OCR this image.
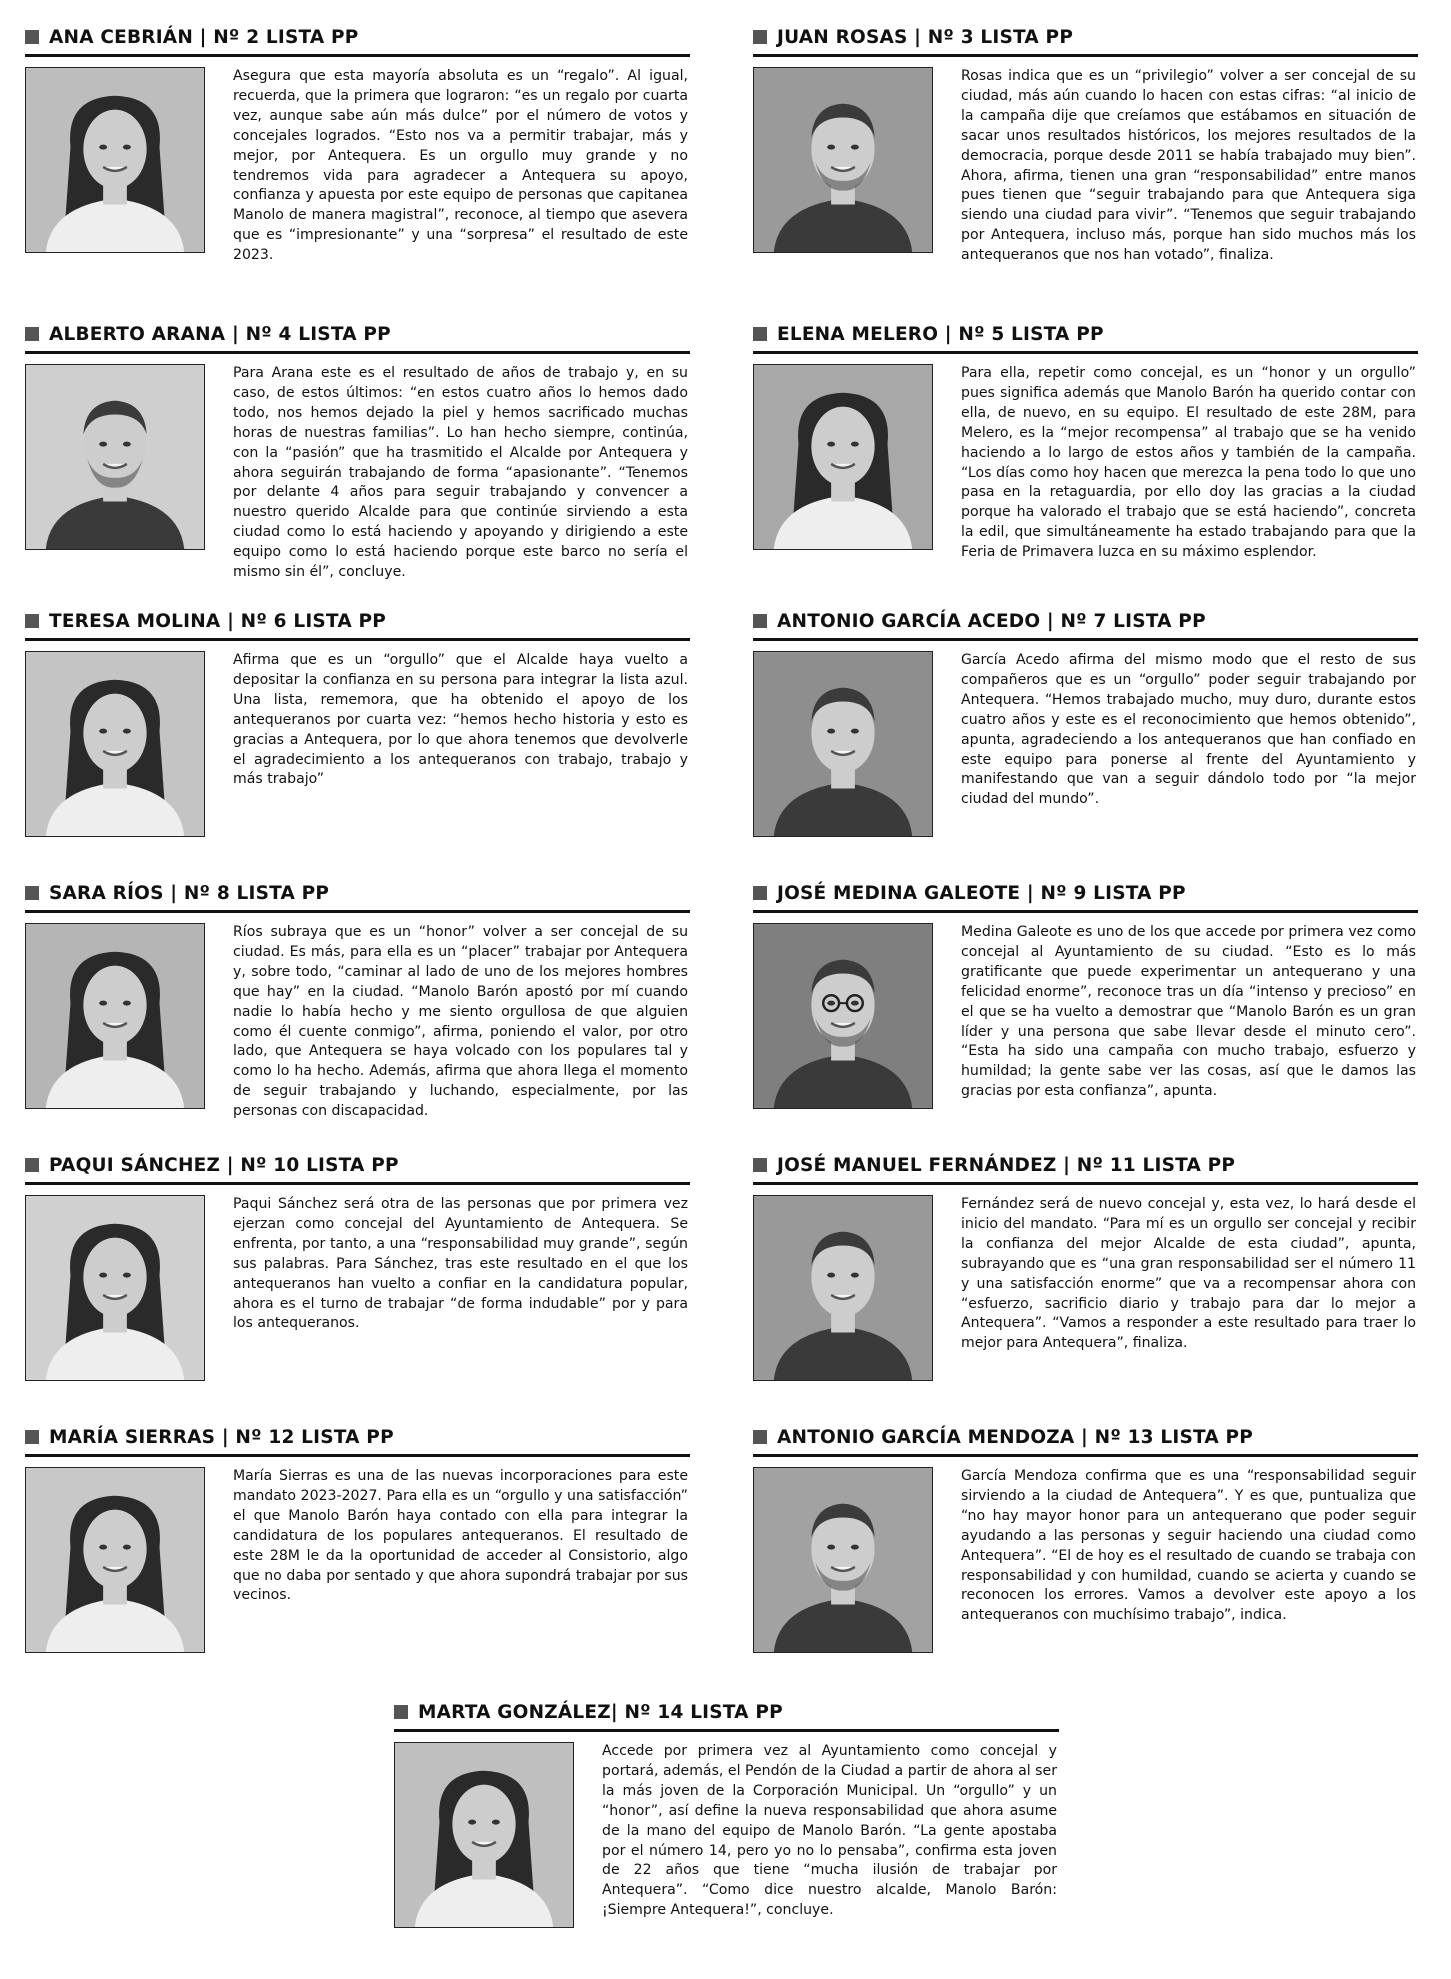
ANA CEBRIÁN | Nº 2 LISTA PP
Asegura que esta mayoría absoluta es un “regalo”. Al igual, recuerda, que la primera que lograron: “es un regalo por cuarta vez, aunque sabe aún más dulce” por el número de votos y concejales logrados. “Esto nos va a permitir trabajar, más y mejor, por Antequera. Es un orgullo muy grande y no tendremos vida para agradecer a Antequera su apoyo, confianza y apuesta por este equipo de personas que capitanea Manolo de manera magistral”, reconoce, al tiempo que asevera que es “impresionante” y una “sorpresa” el resultado de este 2023.
JUAN ROSAS | Nº 3 LISTA PP
Rosas indica que es un “privilegio” volver a ser concejal de su ciudad, más aún cuando lo hacen con estas cifras: “al inicio de la campaña dije que creíamos que estábamos en situación de sacar unos resultados históricos, los mejores resultados de la democracia, porque desde 2011 se había trabajado muy bien”. Ahora, afirma, tienen una gran “responsabilidad” entre manos pues tienen que “seguir trabajando para que Antequera siga siendo una ciudad para vivir”. “Tenemos que seguir trabajando por Antequera, incluso más, porque han sido muchos más los antequeranos que nos han votado”, finaliza.
ALBERTO ARANA | Nº 4 LISTA PP
Para Arana este es el resultado de años de trabajo y, en su caso, de estos últimos: “en estos cuatro años lo hemos dado todo, nos hemos dejado la piel y hemos sacrificado muchas horas de nuestras familias”. Lo han hecho siempre, continúa, con la “pasión” que ha trasmitido el Alcalde por Antequera y ahora seguirán trabajando de forma “apasionante”. “Tenemos por delante 4 años para seguir trabajando y convencer a nuestro querido Alcalde para que continúe sirviendo a esta ciudad como lo está haciendo y apoyando y dirigiendo a este equipo como lo está haciendo porque este barco no sería el mismo sin él”, concluye.
ELENA MELERO | Nº 5 LISTA PP
Para ella, repetir como concejal, es un “honor y un orgullo” pues significa además que Manolo Barón ha querido contar con ella, de nuevo, en su equipo. El resultado de este 28M, para Melero, es la “mejor recompensa” al trabajo que se ha venido haciendo a lo largo de estos años y también de la campaña. “Los días como hoy hacen que merezca la pena todo lo que uno pasa en la retaguardia, por ello doy las gracias a la ciudad porque ha valorado el trabajo que se está haciendo”, concreta la edil, que simultáneamente ha estado trabajando para que la Feria de Primavera luzca en su máximo esplendor.
TERESA MOLINA | Nº 6 LISTA PP
Afirma que es un “orgullo” que el Alcalde haya vuelto a depositar la confianza en su persona para integrar la lista azul. Una lista, rememora, que ha obtenido el apoyo de los antequeranos por cuarta vez: “hemos hecho historia y esto es gracias a Antequera, por lo que ahora tenemos que devolverle el agradecimiento a los antequeranos con trabajo, trabajo y más trabajo”
ANTONIO GARCÍA ACEDO | Nº 7 LISTA PP
García Acedo afirma del mismo modo que el resto de sus compañeros que es un “orgullo” poder seguir trabajando por Antequera. “Hemos trabajado mucho, muy duro, durante estos cuatro años y este es el reconocimiento que hemos obtenido”, apunta, agradeciendo a los antequeranos que han confiado en este equipo para ponerse al frente del Ayuntamiento y manifestando que van a seguir dándolo todo por “la mejor ciudad del mundo”.
SARA RÍOS | Nº 8 LISTA PP
Ríos subraya que es un “honor” volver a ser concejal de su ciudad. Es más, para ella es un “placer” trabajar por Antequera y, sobre todo, “caminar al lado de uno de los mejores hombres que hay” en la ciudad. “Manolo Barón apostó por mí cuando nadie lo había hecho y me siento orgullosa de que alguien como él cuente conmigo”, afirma, poniendo el valor, por otro lado, que Antequera se haya volcado con los populares tal y como lo ha hecho. Además, afirma que ahora llega el momento de seguir trabajando y luchando, especialmente, por las personas con discapacidad.
JOSÉ MEDINA GALEOTE | Nº 9 LISTA PP
Medina Galeote es uno de los que accede por primera vez como concejal al Ayuntamiento de su ciudad. “Esto es lo más gratificante que puede experimentar un antequerano y una felicidad enorme”, reconoce tras un día “intenso y precioso” en el que se ha vuelto a demostrar que “Manolo Barón es un gran líder y una persona que sabe llevar desde el minuto cero”. “Esta ha sido una campaña con mucho trabajo, esfuerzo y humildad; la gente sabe ver las cosas, así que le damos las gracias por esta confianza”, apunta.
PAQUI SÁNCHEZ | Nº 10 LISTA PP
Paqui Sánchez será otra de las personas que por primera vez ejerzan como concejal del Ayuntamiento de Antequera. Se enfrenta, por tanto, a una “responsabilidad muy grande”, según sus palabras. Para Sánchez, tras este resultado en el que los antequeranos han vuelto a confiar en la candidatura popular, ahora es el turno de trabajar “de forma indudable” por y para los antequeranos.
JOSÉ MANUEL FERNÁNDEZ | Nº 11 LISTA PP
Fernández será de nuevo concejal y, esta vez, lo hará desde el inicio del mandato. “Para mí es un orgullo ser concejal y recibir la confianza del mejor Alcalde de esta ciudad”, apunta, subrayando que es “una gran responsabilidad ser el número 11 y una satisfacción enorme” que va a recompensar ahora con “esfuerzo, sacrificio diario y trabajo para dar lo mejor a Antequera”. “Vamos a responder a este resultado para traer lo mejor para Antequera”, finaliza.
MARÍA SIERRAS | Nº 12 LISTA PP
María Sierras es una de las nuevas incorporaciones para este mandato 2023-2027. Para ella es un “orgullo y una satisfacción” el que Manolo Barón haya contado con ella para integrar la candidatura de los populares antequeranos. El resultado de este 28M le da la oportunidad de acceder al Consistorio, algo que no daba por sentado y que ahora supondrá trabajar por sus vecinos.
ANTONIO GARCÍA MENDOZA | Nº 13 LISTA PP
García Mendoza confirma que es una “responsabilidad seguir sirviendo a la ciudad de Antequera”. Y es que, puntualiza que “no hay mayor honor para un antequerano que poder seguir ayudando a las personas y seguir haciendo una ciudad como Antequera”. “El de hoy es el resultado de cuando se trabaja con responsabilidad y con humildad, cuando se acierta y cuando se reconocen los errores. Vamos a devolver este apoyo a los antequeranos con muchísimo trabajo”, indica.
MARTA GONZÁLEZ| Nº 14 LISTA PP
Accede por primera vez al Ayuntamiento como concejal y portará, además, el Pendón de la Ciudad a partir de ahora al ser la más joven de la Corporación Municipal. Un “orgullo” y un “honor”, así define la nueva responsabilidad que ahora asume de la mano del equipo de Manolo Barón. “La gente apostaba por el número 14, pero yo no lo pensaba”, confirma esta joven de 22 años que tiene “mucha ilusión de trabajar por Antequera”. “Como dice nuestro alcalde, Manolo Barón:¡Siempre Antequera!”, concluye.
